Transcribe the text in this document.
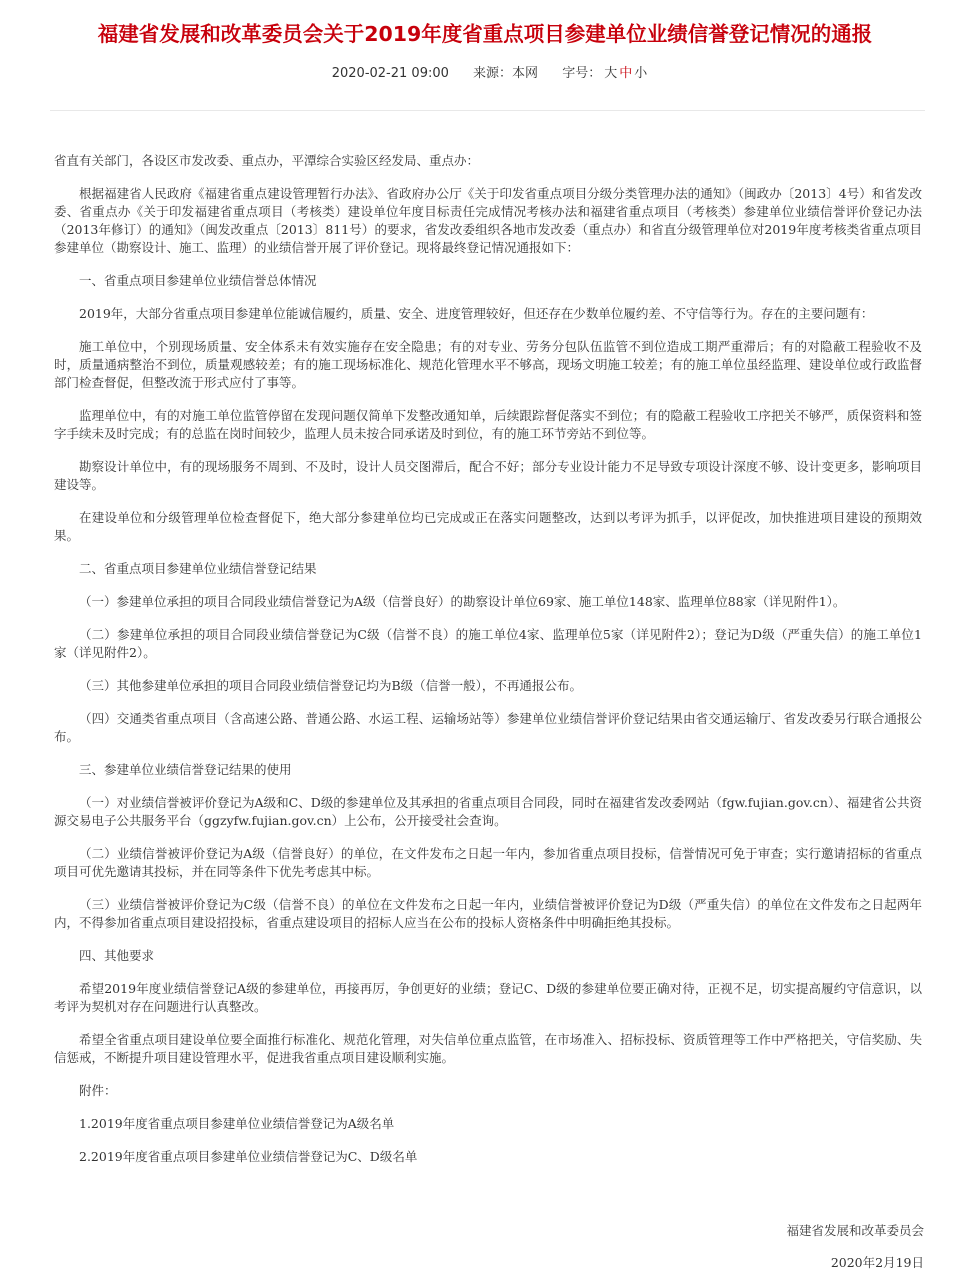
福建省发展和改革委员会关于2019年度省重点项目参建单位业绩信誉登记情况的通报
2020-02-21 09:00 来源：本网 字号： 大 中 小

省直有关部门，各设区市发改委、重点办，平潭综合实验区经发局、重点办：

根据福建省人民政府《福建省重点建设管理暂行办法》、省政府办公厅《关于印发省重点项目分级分类管理办法的通知》（闽政办〔2013〕4号）和省发改委、省重点办《关于印发福建省重点项目（考核类）建设单位年度目标责任完成情况考核办法和福建省重点项目（考核类）参建单位业绩信誉评价登记办法（2013年修订）的通知》（闽发改重点〔2013〕811号）的要求，省发改委组织各地市发改委（重点办）和省直分级管理单位对2019年度考核类省重点项目参建单位（勘察设计、施工、监理）的业绩信誉开展了评价登记。现将最终登记情况通报如下：

一、省重点项目参建单位业绩信誉总体情况

2019年，大部分省重点项目参建单位能诚信履约，质量、安全、进度管理较好，但还存在少数单位履约差、不守信等行为。存在的主要问题有：

施工单位中，个别现场质量、安全体系未有效实施存在安全隐患；有的对专业、劳务分包队伍监管不到位造成工期严重滞后；有的对隐蔽工程验收不及时，质量通病整治不到位，质量观感较差；有的施工现场标准化、规范化管理水平不够高，现场文明施工较差；有的施工单位虽经监理、建设单位或行政监督部门检查督促，但整改流于形式应付了事等。

监理单位中，有的对施工单位监管停留在发现问题仅简单下发整改通知单，后续跟踪督促落实不到位；有的隐蔽工程验收工序把关不够严，质保资料和签字手续未及时完成；有的总监在岗时间较少，监理人员未按合同承诺及时到位，有的施工环节旁站不到位等。

勘察设计单位中，有的现场服务不周到、不及时，设计人员交图滞后，配合不好；部分专业设计能力不足导致专项设计深度不够、设计变更多，影响项目建设等。

在建设单位和分级管理单位检查督促下，绝大部分参建单位均已完成或正在落实问题整改，达到以考评为抓手，以评促改，加快推进项目建设的预期效果。

二、省重点项目参建单位业绩信誉登记结果

（一）参建单位承担的项目合同段业绩信誉登记为A级（信誉良好）的勘察设计单位69家、施工单位148家、监理单位88家（详见附件1）。

（二）参建单位承担的项目合同段业绩信誉登记为C级（信誉不良）的施工单位4家、监理单位5家（详见附件2）；登记为D级（严重失信）的施工单位1家（详见附件2）。

（三）其他参建单位承担的项目合同段业绩信誉登记均为B级（信誉一般），不再通报公布。

（四）交通类省重点项目（含高速公路、普通公路、水运工程、运输场站等）参建单位业绩信誉评价登记结果由省交通运输厅、省发改委另行联合通报公布。

三、参建单位业绩信誉登记结果的使用

（一）对业绩信誉被评价登记为A级和C、D级的参建单位及其承担的省重点项目合同段，同时在福建省发改委网站（fgw.fujian.gov.cn）、福建省公共资源交易电子公共服务平台（ggzyfw.fujian.gov.cn）上公布，公开接受社会查询。

（二）业绩信誉被评价登记为A级（信誉良好）的单位，在文件发布之日起一年内，参加省重点项目投标，信誉情况可免于审查；实行邀请招标的省重点项目可优先邀请其投标，并在同等条件下优先考虑其中标。

（三）业绩信誉被评价登记为C级（信誉不良）的单位在文件发布之日起一年内，业绩信誉被评价登记为D级（严重失信）的单位在文件发布之日起两年内，不得参加省重点项目建设招投标，省重点建设项目的招标人应当在公布的投标人资格条件中明确拒绝其投标。

四、其他要求

希望2019年度业绩信誉登记A级的参建单位，再接再厉，争创更好的业绩；登记C、D级的参建单位要正确对待，正视不足，切实提高履约守信意识，以考评为契机对存在问题进行认真整改。

希望全省重点项目建设单位要全面推行标准化、规范化管理，对失信单位重点监管，在市场准入、招标投标、资质管理等工作中严格把关，守信奖励、失信惩戒，不断提升项目建设管理水平，促进我省重点项目建设顺利实施。

附件：

1.2019年度省重点项目参建单位业绩信誉登记为A级名单

2.2019年度省重点项目参建单位业绩信誉登记为C、D级名单

福建省发展和改革委员会
2020年2月19日
